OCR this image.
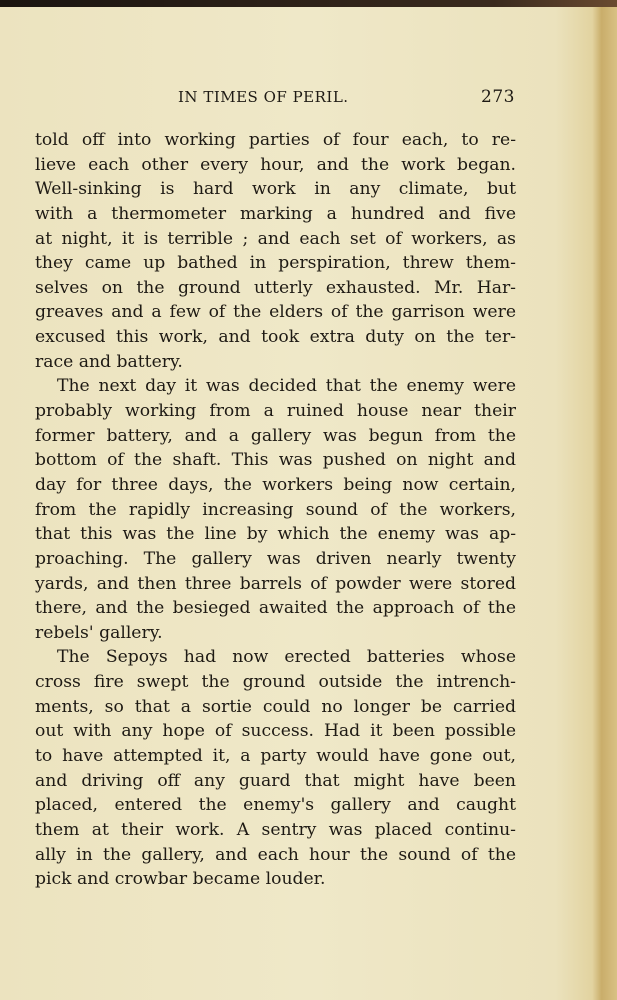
IN TIMES OF PERIL.	273
told off into working parties of four each, to re-
lieve each other every hour, and the work began.
Well-sinking is hard work in any climate, but
with a thermometer marking a hundred and five
at night, it is terrible ; and each set of workers, as
they came up bathed in perspiration, threw them-
selves on the ground utterly exhausted. Mr. Har-
greaves and a few of the elders of the garrison were
excused this work, and took extra duty on the ter-
race and battery.
The next day it was decided that the enemy were
probably working from a ruined house near their
former battery, and a gallery was begun from the
bottom of the shaft. This was pushed on night and
day for three days, the workers being now certain,
from the rapidly increasing sound of the workers,
that this was the line by which the enemy was ap-
proaching. The gallery was driven nearly twenty
yards, and then three barrels of powder were stored
there, and the besieged awaited the approach of the
rebels' gallery.
The Sepoys had now erected batteries whose
cross fire swept the ground outside the intrench-
ments, so that a sortie could no longer be carried
out with any hope of success. Had it been possible
to have attempted it, a party would have gone out,
and driving off any guard that might have been
placed, entered the enemy's gallery and caught
them at their work. A sentry was placed continu-
ally in the gallery, and each hour the sound of the
pick and crowbar became louder.
